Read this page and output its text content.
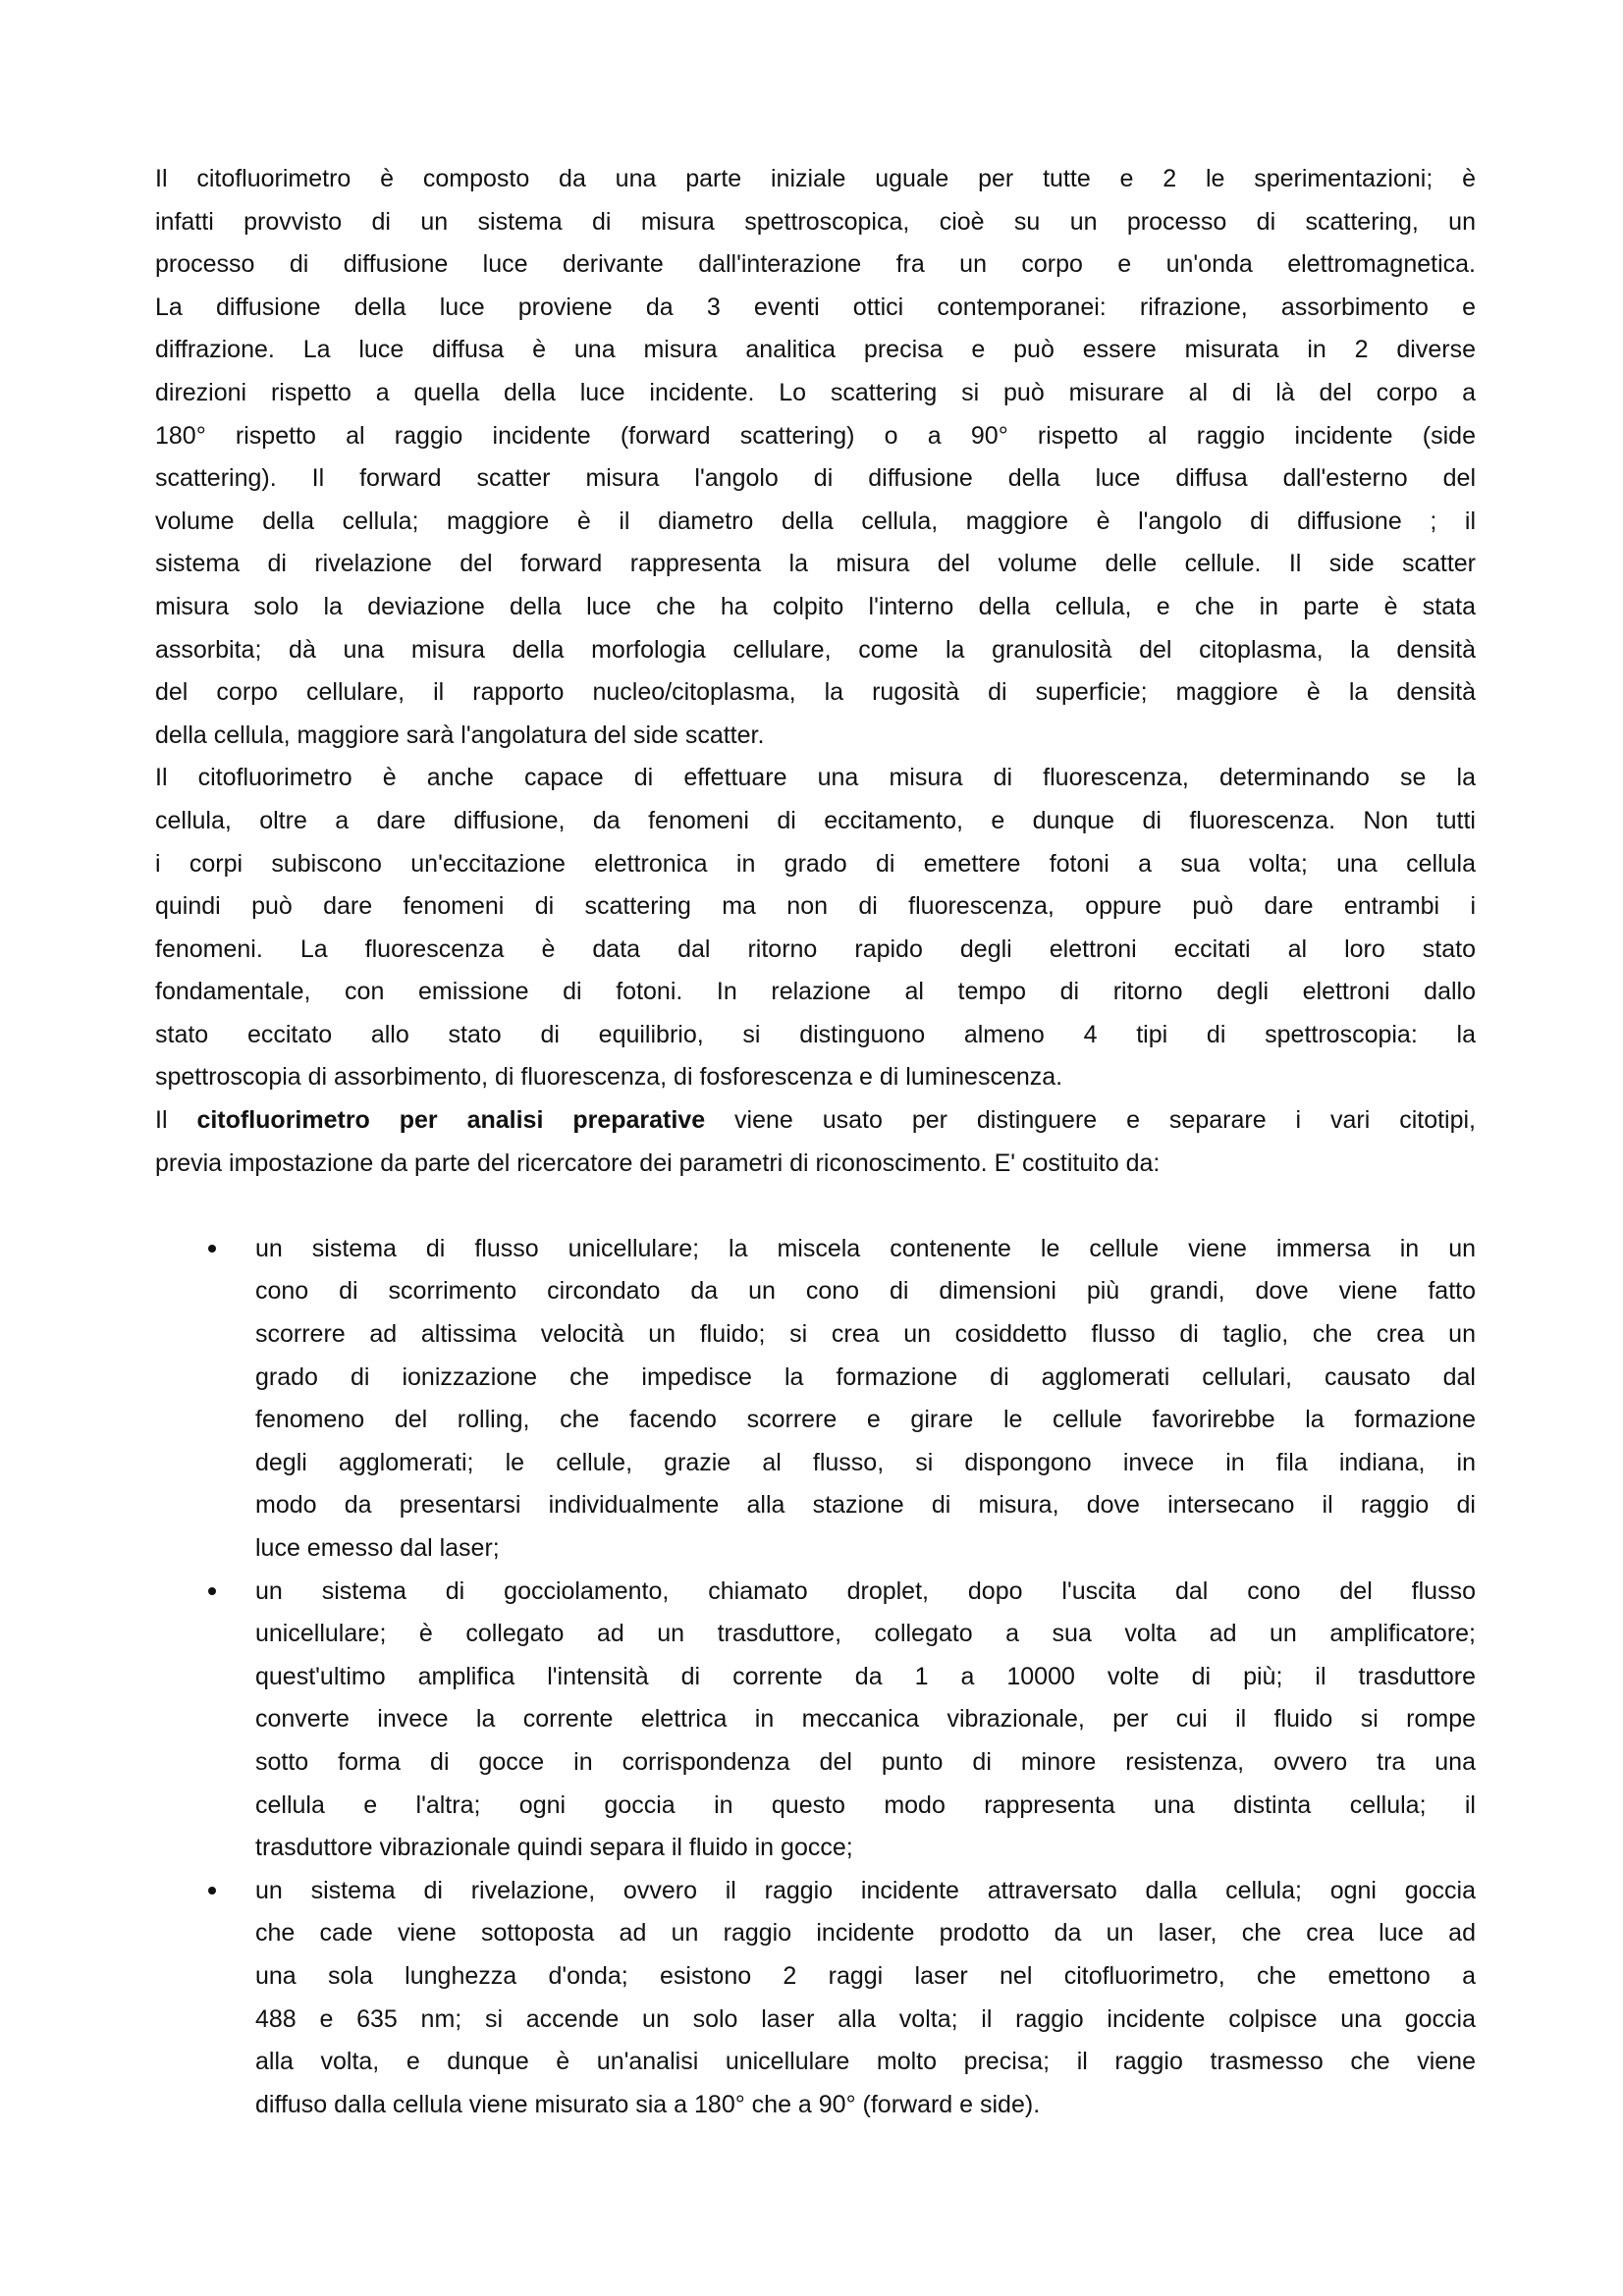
Il citofluorimetro è composto da una parte iniziale uguale per tutte e 2 le sperimentazioni; è
infatti provvisto di un sistema di misura spettroscopica, cioè su un processo di scattering, un
processo di diffusione luce derivante dall'interazione fra un corpo e un'onda elettromagnetica.
La diffusione della luce proviene da 3 eventi ottici contemporanei: rifrazione, assorbimento e
diffrazione. La luce diffusa è una misura analitica precisa e può essere misurata in 2 diverse
direzioni rispetto a quella della luce incidente. Lo scattering si può misurare al di là del corpo a
180° rispetto al raggio incidente (forward scattering) o a 90° rispetto al raggio incidente (side
scattering). Il forward scatter misura l'angolo di diffusione della luce diffusa dall'esterno del
volume della cellula; maggiore è il diametro della cellula, maggiore è l'angolo di diffusione ; il
sistema di rivelazione del forward rappresenta la misura del volume delle cellule. Il side scatter
misura solo la deviazione della luce che ha colpito l'interno della cellula, e che in parte è stata
assorbita; dà una misura della morfologia cellulare, come la granulosità del citoplasma, la densità
del corpo cellulare, il rapporto nucleo/citoplasma, la rugosità di superficie; maggiore è la densità
della cellula, maggiore sarà l'angolatura del side scatter.
Il citofluorimetro è anche capace di effettuare una misura di fluorescenza, determinando se la
cellula, oltre a dare diffusione, da fenomeni di eccitamento, e dunque di fluorescenza. Non tutti
i corpi subiscono un'eccitazione elettronica in grado di emettere fotoni a sua volta; una cellula
quindi può dare fenomeni di scattering ma non di fluorescenza, oppure può dare entrambi i
fenomeni. La fluorescenza è data dal ritorno rapido degli elettroni eccitati al loro stato
fondamentale, con emissione di fotoni. In relazione al tempo di ritorno degli elettroni dallo
stato eccitato allo stato di equilibrio, si distinguono almeno 4 tipi di spettroscopia: la
spettroscopia di assorbimento, di fluorescenza, di fosforescenza e di luminescenza.
Il citofluorimetro per analisi preparative viene usato per distinguere e separare i vari citotipi,
previa impostazione da parte del ricercatore dei parametri di riconoscimento. E' costituito da:
un sistema di flusso unicellulare; la miscela contenente le cellule viene immersa in un
cono di scorrimento circondato da un cono di dimensioni più grandi, dove viene fatto
scorrere ad altissima velocità un fluido; si crea un cosiddetto flusso di taglio, che crea un
grado di ionizzazione che impedisce la formazione di agglomerati cellulari, causato dal
fenomeno del rolling, che facendo scorrere e girare le cellule favorirebbe la formazione
degli agglomerati; le cellule, grazie al flusso, si dispongono invece in fila indiana, in
modo da presentarsi individualmente alla stazione di misura, dove intersecano il raggio di
luce emesso dal laser;
un sistema di gocciolamento, chiamato droplet, dopo l'uscita dal cono del flusso
unicellulare; è collegato ad un trasduttore, collegato a sua volta ad un amplificatore;
quest'ultimo amplifica l'intensità di corrente da 1 a 10000 volte di più; il trasduttore
converte invece la corrente elettrica in meccanica vibrazionale, per cui il fluido si rompe
sotto forma di gocce in corrispondenza del punto di minore resistenza, ovvero tra una
cellula e l'altra; ogni goccia in questo modo rappresenta una distinta cellula; il
trasduttore vibrazionale quindi separa il fluido in gocce;
un sistema di rivelazione, ovvero il raggio incidente attraversato dalla cellula; ogni goccia
che cade viene sottoposta ad un raggio incidente prodotto da un laser, che crea luce ad
una sola lunghezza d'onda; esistono 2 raggi laser nel citofluorimetro, che emettono a
488 e 635 nm; si accende un solo laser alla volta; il raggio incidente colpisce una goccia
alla volta, e dunque è un'analisi unicellulare molto precisa; il raggio trasmesso che viene
diffuso dalla cellula viene misurato sia a 180° che a 90° (forward e side).
